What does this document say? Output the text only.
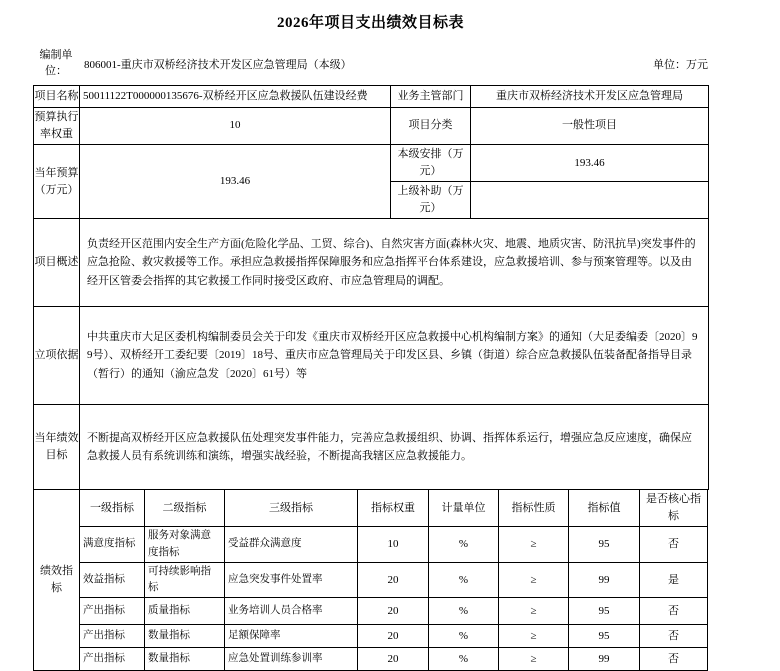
2026年项目支出绩效目标表
编制单位：	806001-重庆市双桥经济技术开发区应急管理局（本级）	单位：万元
项目名称	50011122T000000135676-双桥经开区应急救援队伍建设经费	业务主管部门	重庆市双桥经济技术开发区应急管理局
预算执行率权重	10	项目分类	一般性项目
当年预算（万元）	193.46	本级安排（万元）	193.46
		上级补助（万元）	
项目概述	负责经开区范围内安全生产方面(危险化学品、工贸、综合)、自然灾害方面(森林火灾、地震、地质灾害、防汛抗旱)突发事件的应急抢险、救灾救援等工作。承担应急救援指挥保障服务和应急指挥平台体系建设，应急救援培训、参与预案管理等。以及由经开区管委会指挥的其它救援工作同时接受区政府、市应急管理局的调配。		
立项依据	中共重庆市大足区委机构编制委员会关于印发《重庆市双桥经开区应急救援中心机构编制方案》的通知（大足委编委〔2020〕99号）、双桥经开工委纪要〔2019〕18号、重庆市应急管理局关于印发区县、乡镇（街道）综合应急救援队伍装备配备指导目录（暂行）的通知（渝应急发〔2020〕61号）等		
当年绩效目标	不断提高双桥经开区应急救援队伍处理突发事件能力，完善应急救援组织、协调、指挥体系运行，增强应急反应速度，确保应急救援人员有系统训练和演练，增强实战经验，不断提高我辖区应急救援能力。		
绩效指标	一级指标	二级指标	三级指标	指标权重	计量单位	指标性质	指标值	是否核心指标
	满意度指标	服务对象满意度指标	受益群众满意度	10	%	≥	95	否
	效益指标	可持续影响指标	应急突发事件处置率	20	%	≥	99	是
	产出指标	质量指标	业务培训人员合格率	20	%	≥	95	否
	产出指标	数量指标	足额保障率	20	%	≥	95	否
	产出指标	数量指标	应急处置训练参训率	20	%	≥	99	否
